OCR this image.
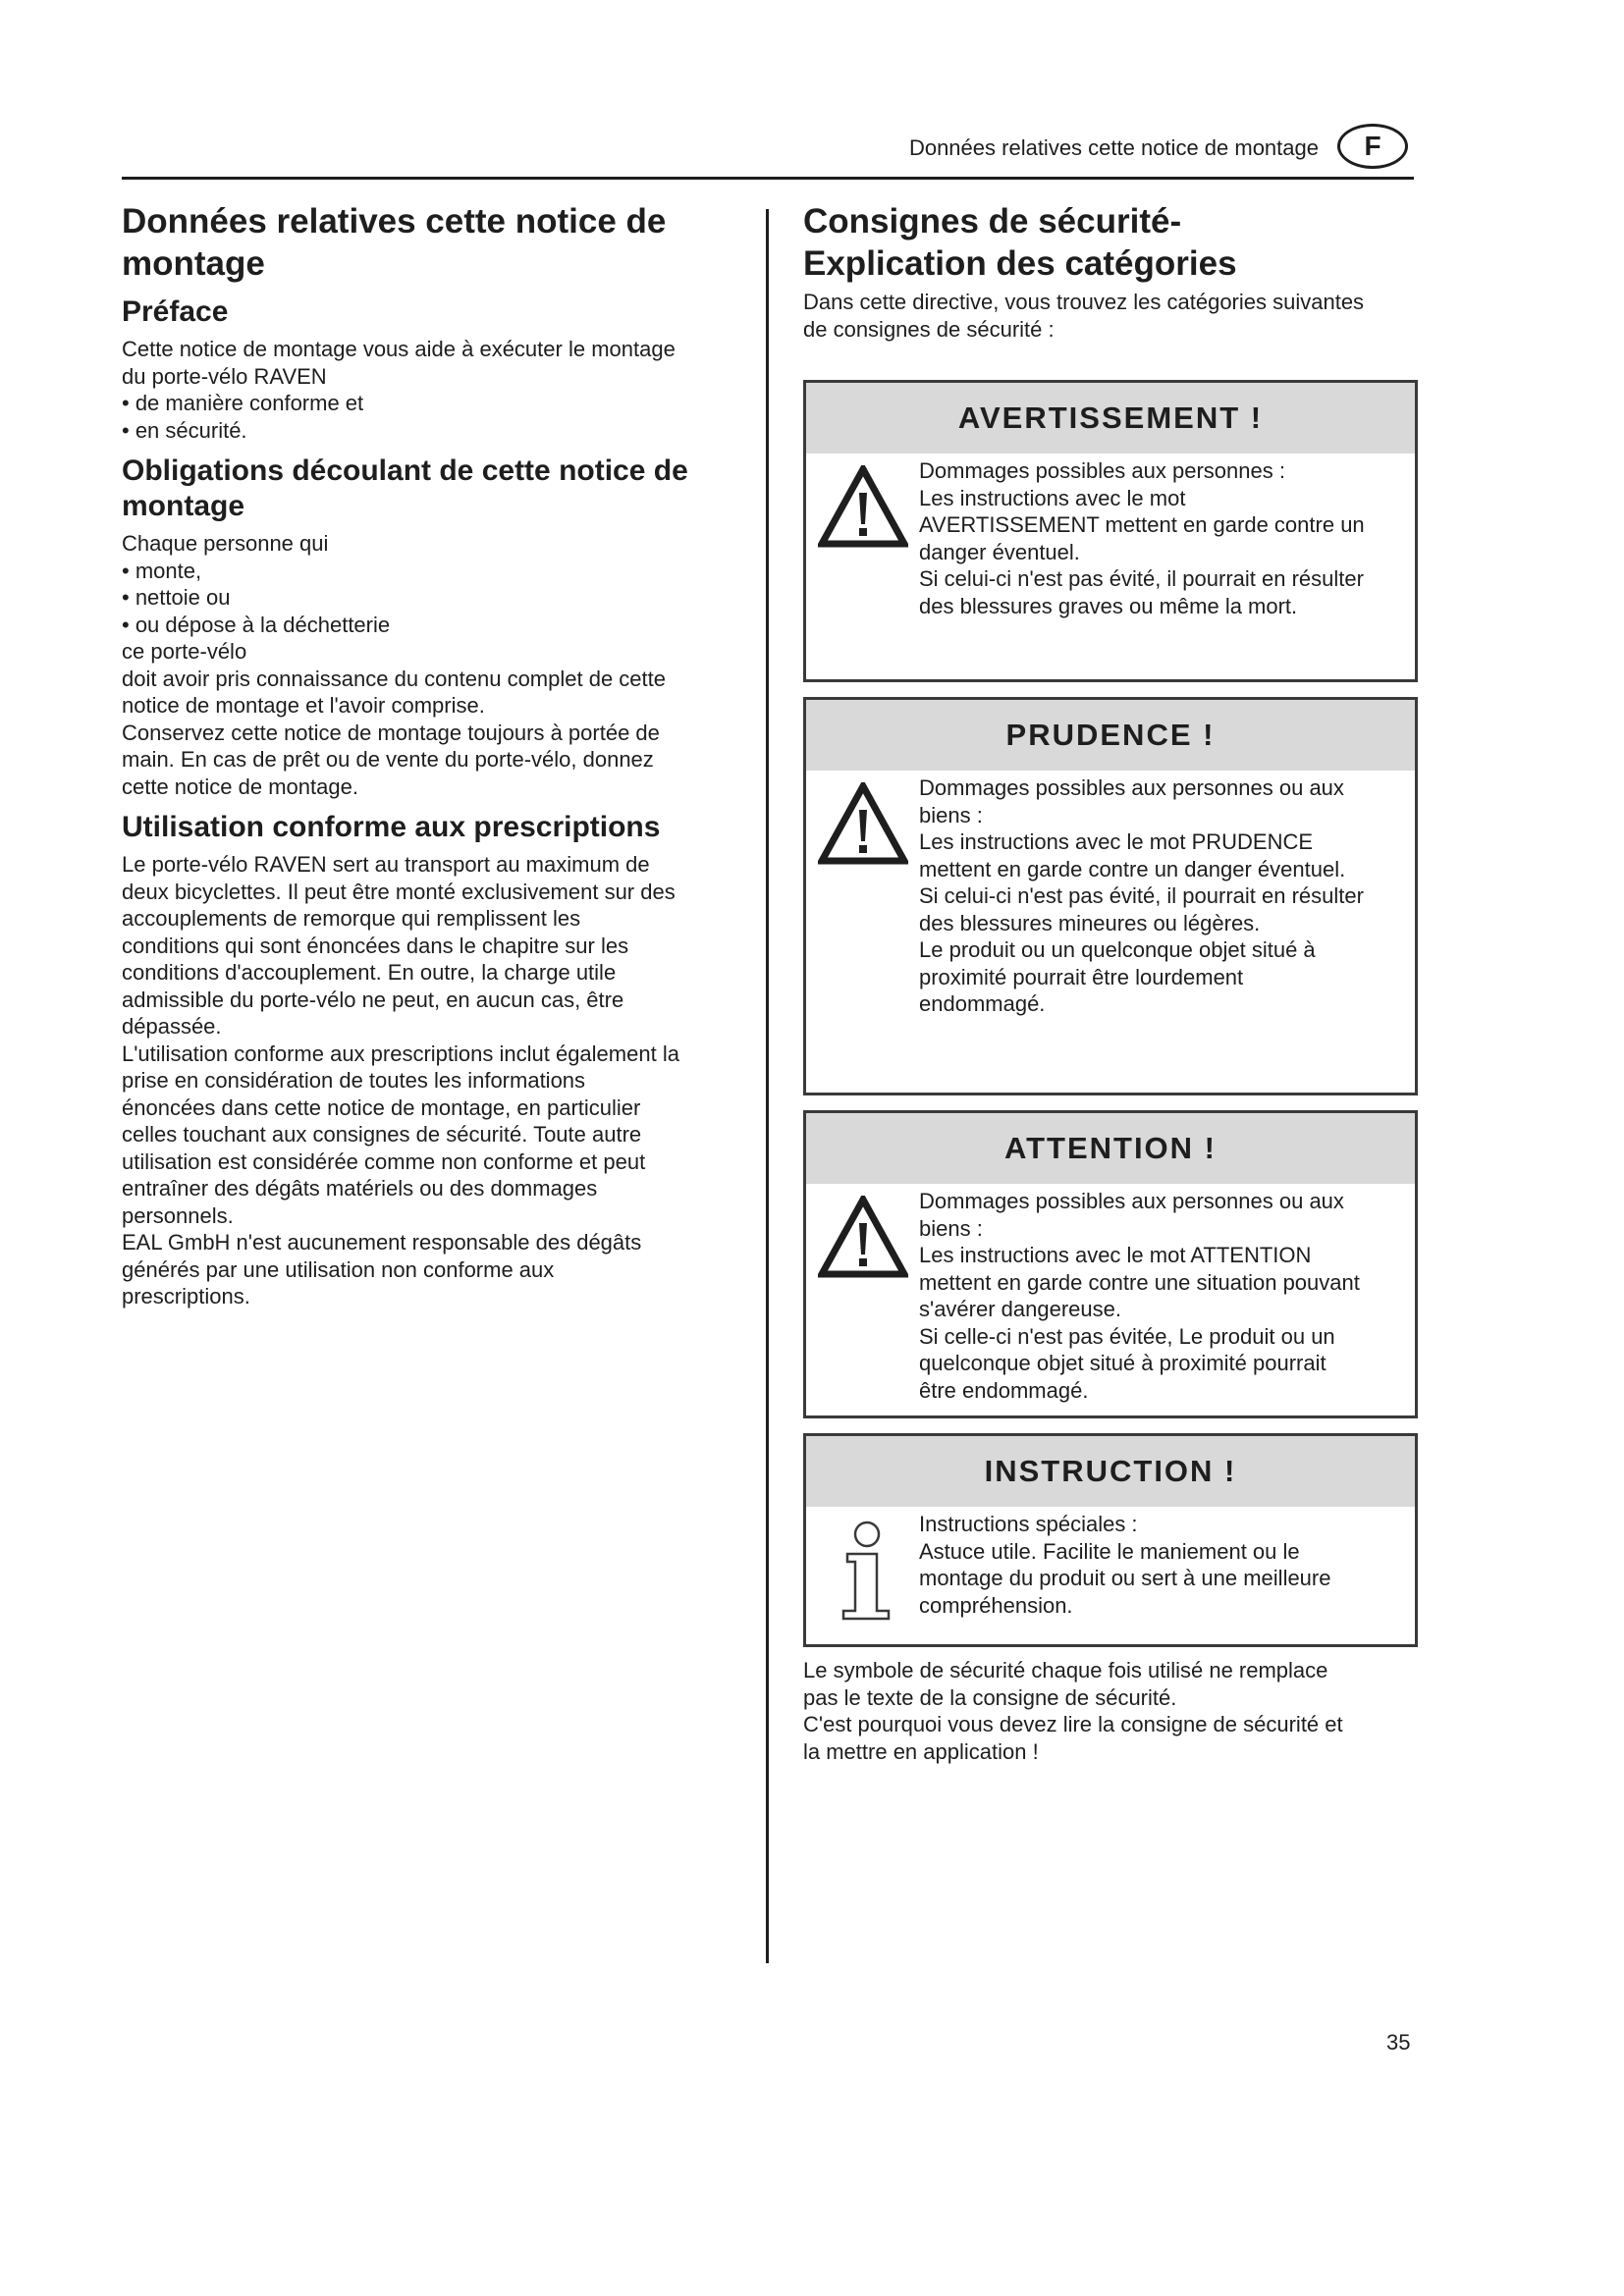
Données relatives cette notice de montage	F
Données relatives cette notice de montage
Préface

Cette notice de montage vous aide à exécuter le montage

du porte-vélo RAVEN

• de manière conforme et

• en sécurité.

Obligations découlant de cette notice de montage

Chaque personne qui

• monte,

• nettoie ou

• ou dépose à la déchetterie

ce porte-vélo

doit avoir pris connaissance du contenu complet de cette

notice de montage et l'avoir comprise.

Conservez cette notice de montage toujours à portée de

main. En cas de prêt ou de vente du porte-vélo, donnez

cette notice de montage.

Utilisation conforme aux prescriptions

Le porte-vélo RAVEN sert au transport au maximum de

deux bicyclettes. Il peut être monté exclusivement sur des

accouplements de remorque qui remplissent les

conditions qui sont énoncées dans le chapitre sur les

conditions d'accouplement. En outre, la charge utile

admissible du porte-vélo ne peut, en aucun cas, être

dépassée.

L'utilisation conforme aux prescriptions inclut également la

prise en considération de toutes les informations

énoncées dans cette notice de montage, en particulier

celles touchant aux consignes de sécurité. Toute autre

utilisation est considérée comme non conforme et peut

entraîner des dégâts matériels ou des dommages

personnels.

EAL GmbH n'est aucunement responsable des dégâts

générés par une utilisation non conforme aux

prescriptions.

Consignes de sécurité-
Explication des catégories

Dans cette directive, vous trouvez les catégories suivantes

de consignes de sécurité :

AVERTISSEMENT !

Dommages possibles aux personnes :

Les instructions avec le mot

AVERTISSEMENT mettent en garde contre un

danger éventuel.

Si celui-ci n'est pas évité, il pourrait en résulter

des blessures graves ou même la mort.

PRUDENCE !

Dommages possibles aux personnes ou aux

biens :

Les instructions avec le mot PRUDENCE

mettent en garde contre un danger éventuel.

Si celui-ci n'est pas évité, il pourrait en résulter

des blessures mineures ou légères.

Le produit ou un quelconque objet situé à

proximité pourrait être lourdement

endommagé.

ATTENTION !

Dommages possibles aux personnes ou aux

biens :

Les instructions avec le mot ATTENTION

mettent en garde contre une situation pouvant

s'avérer dangereuse.

Si celle-ci n'est pas évitée, Le produit ou un

quelconque objet situé à proximité pourrait

être endommagé.

INSTRUCTION !

Instructions spéciales :

Astuce utile. Facilite le maniement ou le

montage du produit ou sert à une meilleure

compréhension.

Le symbole de sécurité chaque fois utilisé ne remplace

pas le texte de la consigne de sécurité.

C'est pourquoi vous devez lire la consigne de sécurité et

la mettre en application !

35
